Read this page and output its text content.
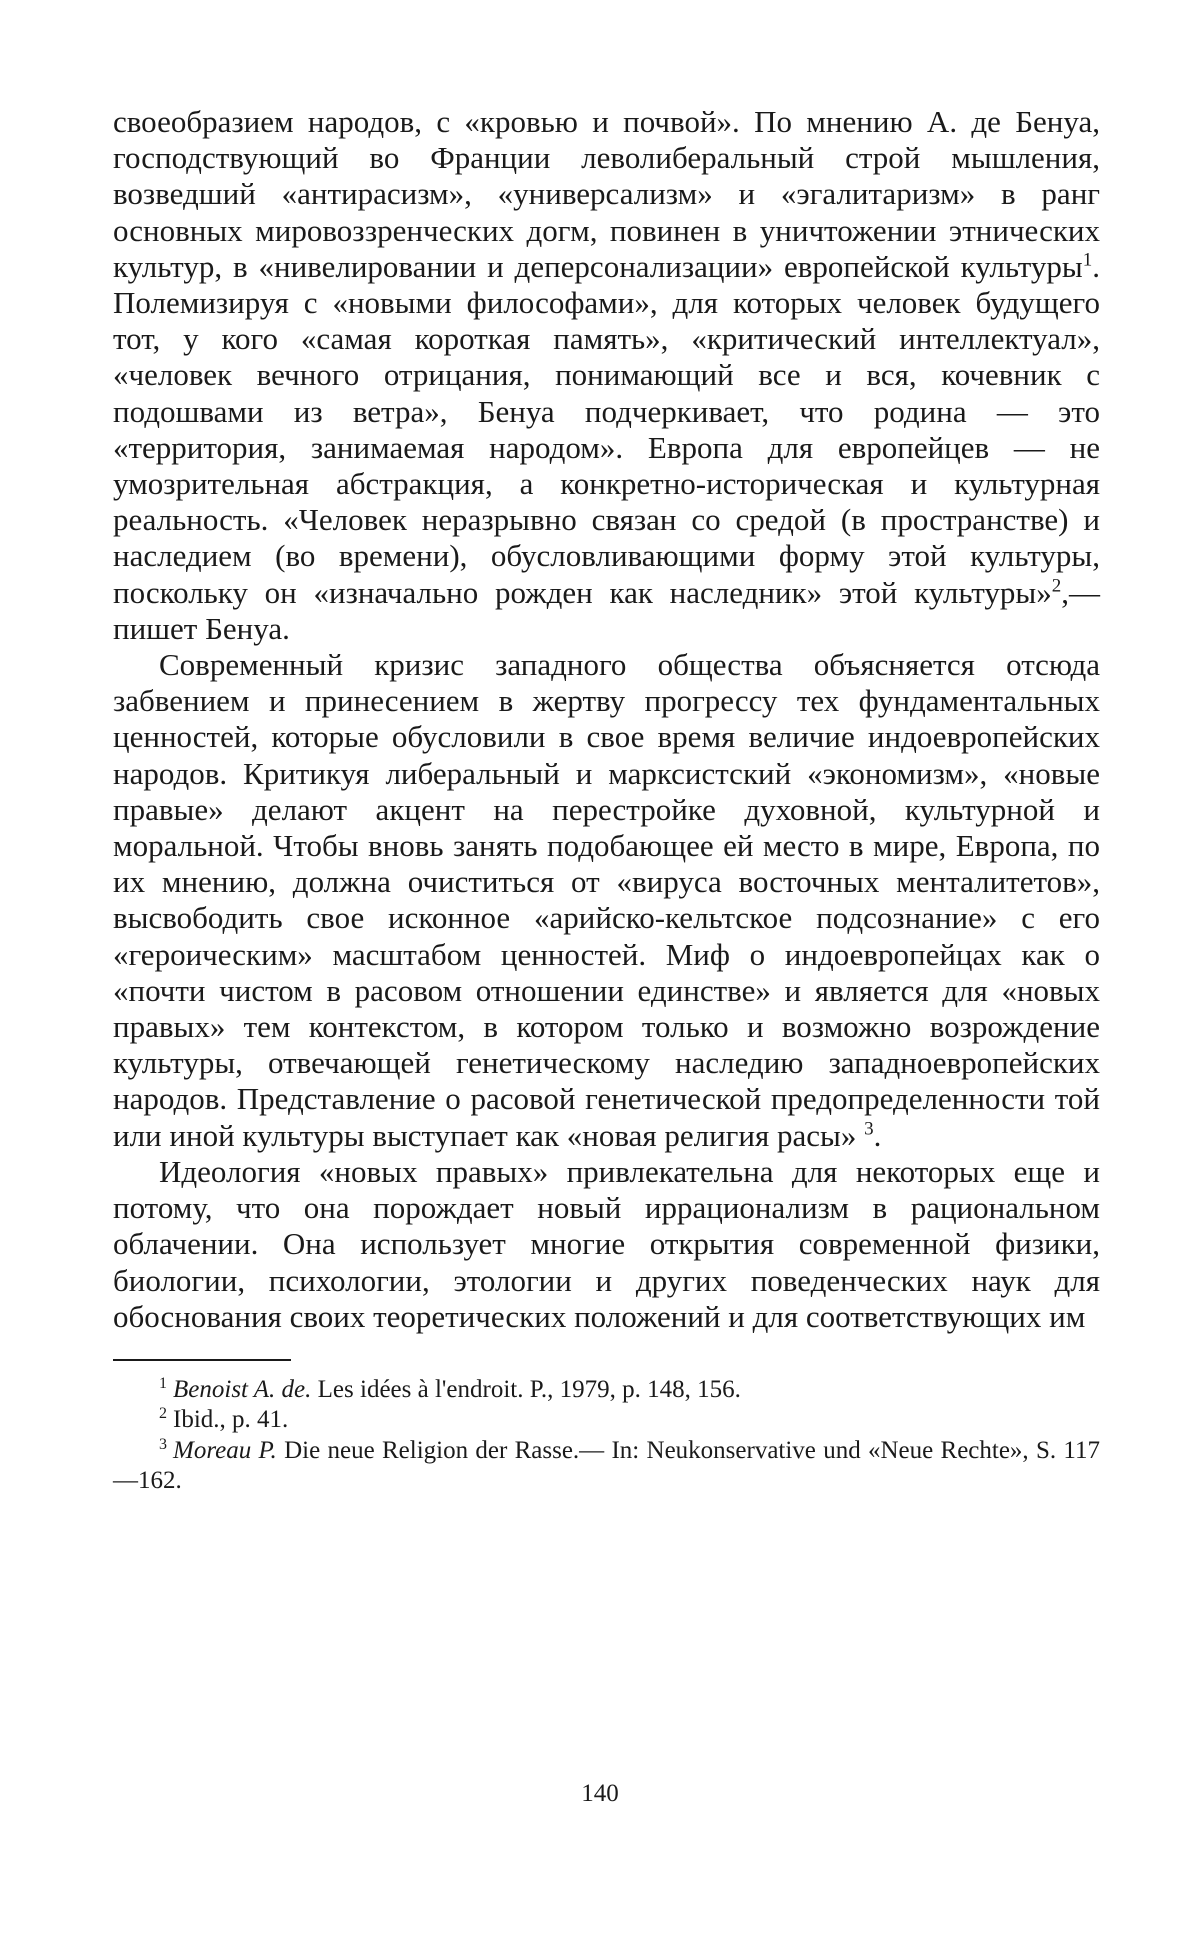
своеобразием народов, с «кровью и почвой». По мнению А. де Бенуа, господствующий во Франции леволиберальный строй мышления, возведший «антирасизм», «универсализм» и «эгалитаризм» в ранг основных мировоззренческих догм, повинен в уничтожении этнических культур, в «нивелировании и деперсонализации» европейской культуры$^1$. Полемизируя с «новыми философами», для которых человек будущего тот, у кого «самая короткая память», «критический интеллектуал», «человек вечного отрицания, понимающий все и вся, кочевник с подошвами из ветра», Бенуа подчеркивает, что родина — это «территория, занимаемая народом». Европа для европейцев — не умозрительная абстракция, а конкретно-историческая и культурная реальность. «Человек неразрывно связан со средой (в пространстве) и наследием (во времени), обусловливающими форму этой культуры, поскольку он «изначально рожден как наследник» этой культуры»$^2$,— пишет Бенуа.

Современный кризис западного общества объясняется отсюда забвением и принесением в жертву прогрессу тех фундаментальных ценностей, которые обусловили в свое время величие индоевропейских народов. Критикуя либеральный и марксистский «экономизм», «новые правые» делают акцент на перестройке духовной, культурной и моральной. Чтобы вновь занять подобающее ей место в мире, Европа, по их мнению, должна очиститься от «вируса восточных менталитетов», высвободить свое исконное «арийско-кельтское подсознание» с его «героическим» масштабом ценностей. Миф о индоевропейцах как о «почти чистом в расовом отношении единстве» и является для «новых правых» тем контекстом, в котором только и возможно возрождение культуры, отвечающей генетическому наследию западноевропейских народов. Представление о расовой генетической предопределенности той или иной культуры выступает как «новая религия расы» $^3$.

Идеология «новых правых» привлекательна для некоторых еще и потому, что она порождает новый иррационализм в рациональном облачении. Она использует многие открытия современной физики, биологии, психологии, этологии и других поведенческих наук для обоснования своих теоретических положений и для соответствующих им

$^1$ Benoist A. de. Les idées à l'endroit. P., 1979, p. 148, 156.

$^2$ Ibid., p. 41.

$^3$ Moreau P. Die neue Religion der Rasse.— In: Neukonservative und «Neue Rechte», S. 117—162.

140
